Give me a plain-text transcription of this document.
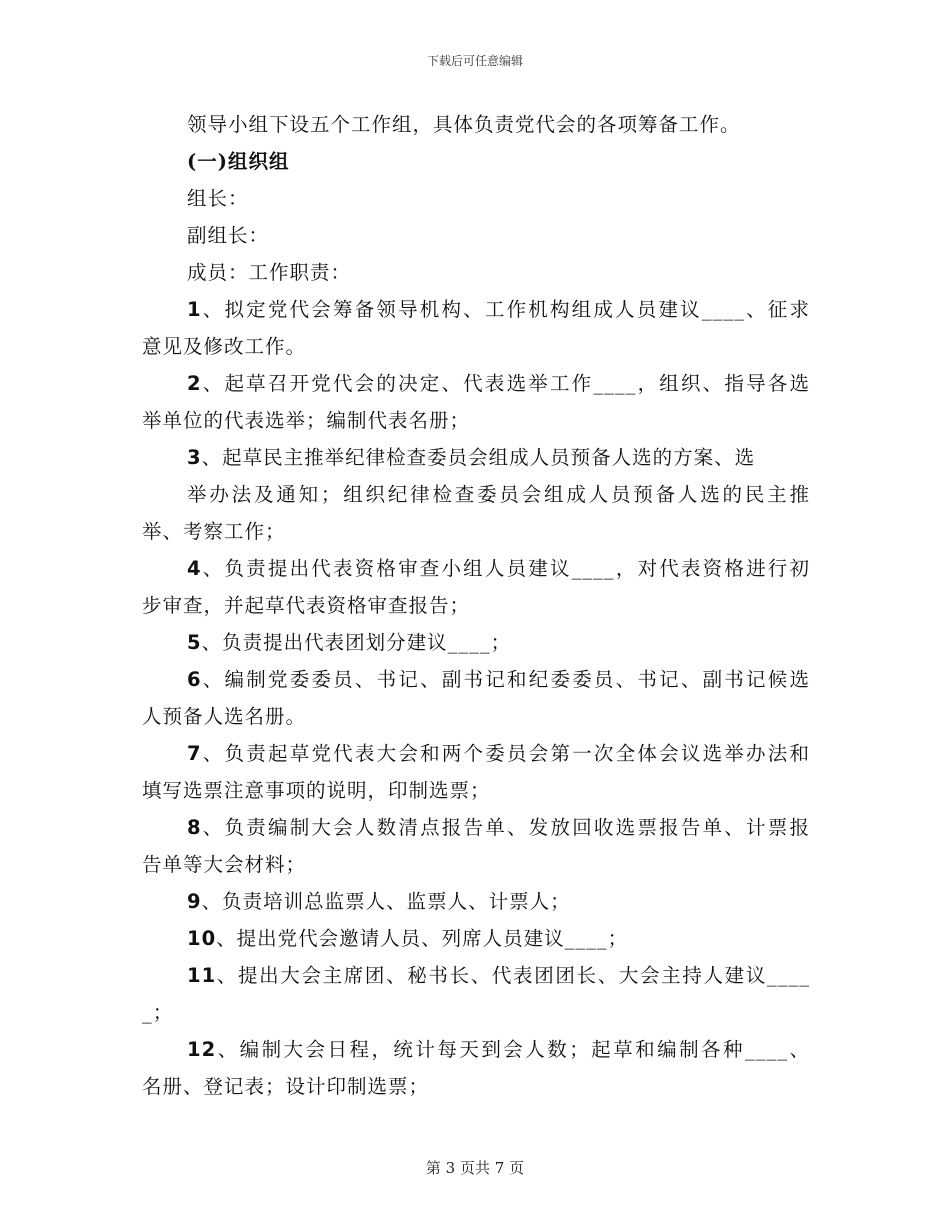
下载后可任意编辑
领导小组下设五个工作组，具体负责党代会的各项筹备工作。
(一)组织组
组长：
副组长：
成员：工作职责：
1、拟定党代会筹备领导机构、工作机构组成人员建议____、征求
意见及修改工作。
2、起草召开党代会的决定、代表选举工作____，组织、指导各选
举单位的代表选举；编制代表名册；
3、起草民主推举纪律检查委员会组成人员预备人选的方案、选
举办法及通知；组织纪律检查委员会组成人员预备人选的民主推
举、考察工作；
4、负责提出代表资格审查小组人员建议____，对代表资格进行初
步审查，并起草代表资格审查报告；
5、负责提出代表团划分建议____；
6、编制党委委员、书记、副书记和纪委委员、书记、副书记候选
人预备人选名册。
7、负责起草党代表大会和两个委员会第一次全体会议选举办法和
填写选票注意事项的说明，印制选票；
8、负责编制大会人数清点报告单、发放回收选票报告单、计票报
告单等大会材料；
9、负责培训总监票人、监票人、计票人；
10、提出党代会邀请人员、列席人员建议____；
11、提出大会主席团、秘书长、代表团团长、大会主持人建议____
_；
12、编制大会日程，统计每天到会人数；起草和编制各种____、
名册、登记表；设计印制选票；
第 3 页共 7 页
